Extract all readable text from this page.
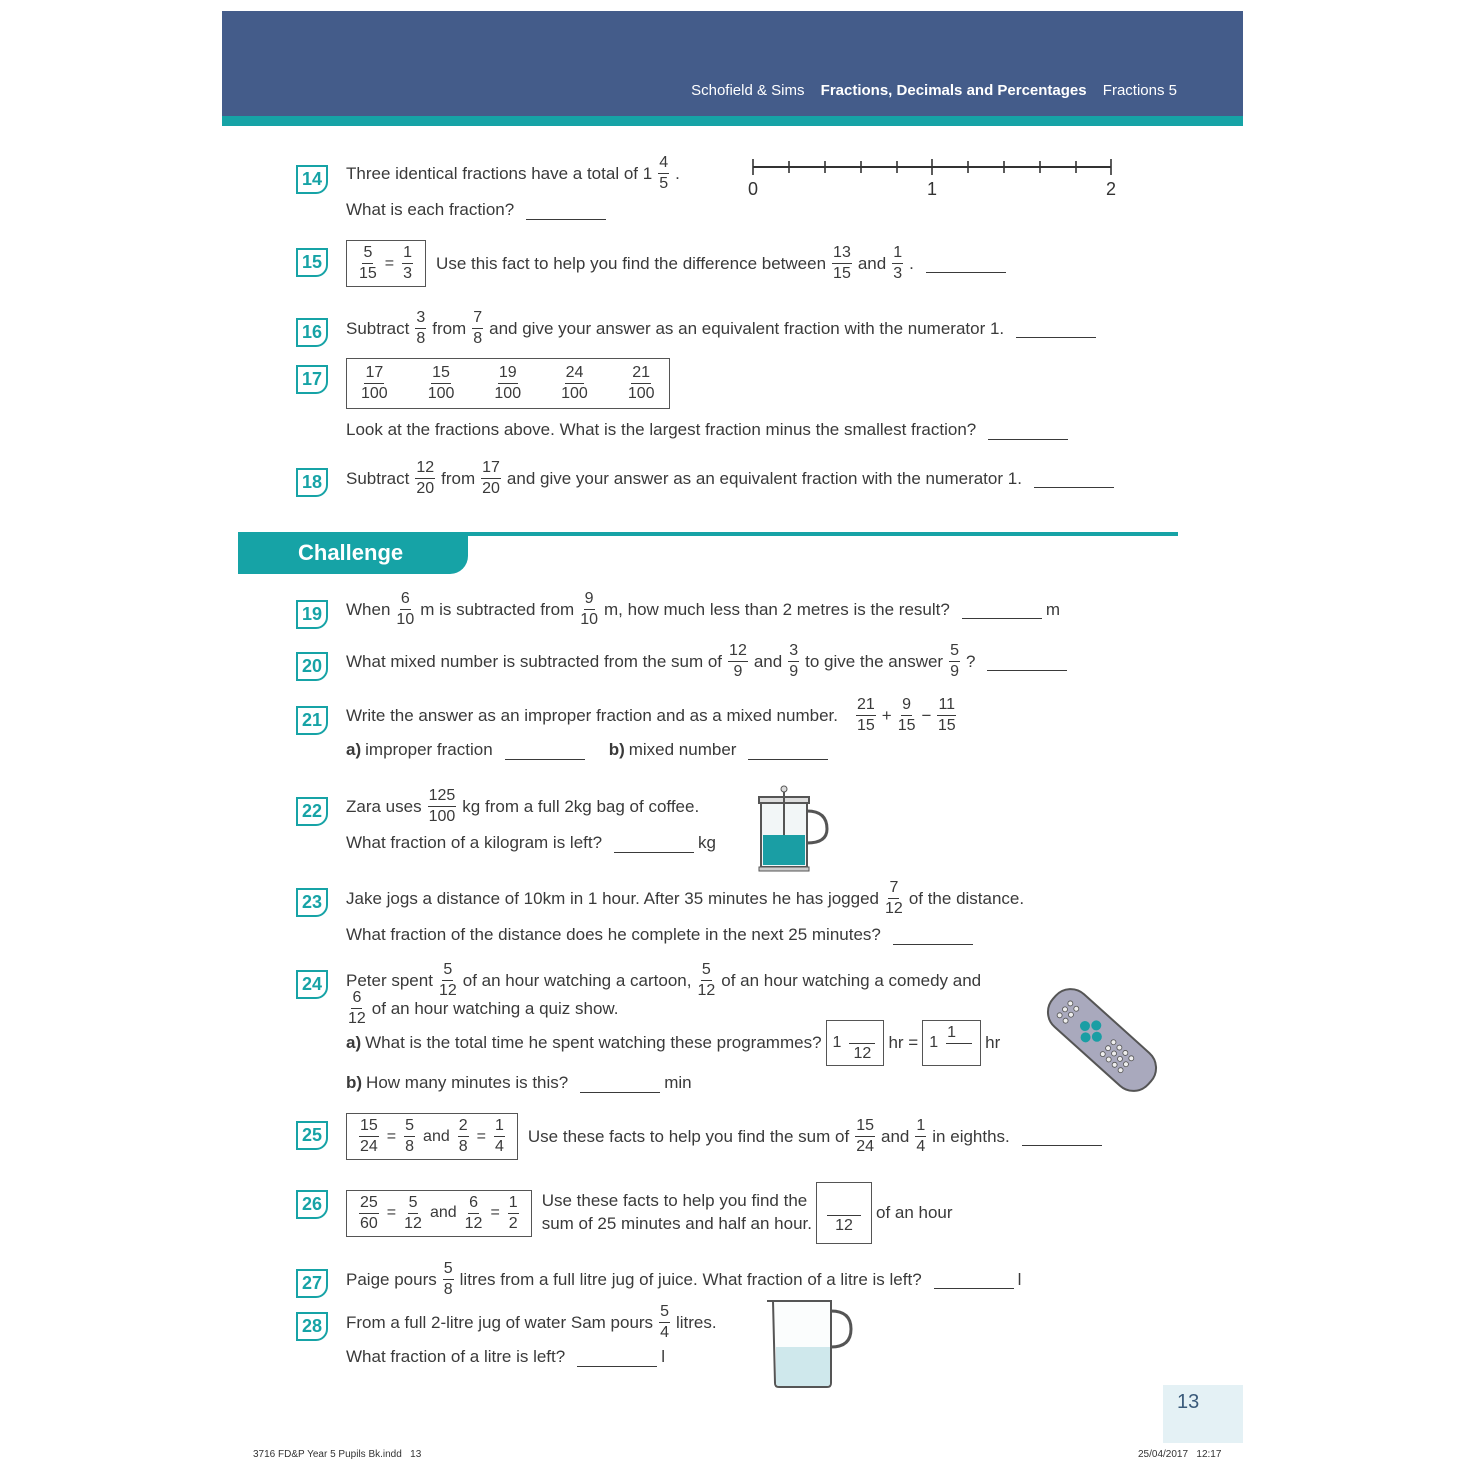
Schofield & Sims Fractions, Decimals and Percentages Fractions 5
14	Three identical fractions have a total of $1 \frac{4}{5}$ .
What is each fraction?
0	1	2
15	$\frac{5}{15} = \frac{1}{3}$ Use this fact to help you find the difference between $\frac{13}{15}$ and $\frac{1}{3}$ .
16	Subtract $\frac{3}{8}$ from $\frac{7}{8}$ and give your answer as an equivalent fraction with the numerator 1.
17	$\frac{17}{100}$	$\frac{15}{100}$	$\frac{19}{100}$	$\frac{24}{100}$	$\frac{21}{100}$
Look at the fractions above. What is the largest fraction minus the smallest fraction?
18	Subtract $\frac{12}{20}$ from $\frac{17}{20}$ and give your answer as an equivalent fraction with the numerator 1.
Challenge
19	When $\frac{6}{10}$ m is subtracted from $\frac{9}{10} m$, how much less than 2 metres is the result?	m
20	What mixed number is subtracted from the sum of $\frac{12}{9}$ and $\frac{3}{9}$ to give the answer $\frac{5}{9}$ ?
21	Write the answer as an improper fraction and as a mixed number. $\frac{21}{15} + \frac{9}{15} - \frac{11}{15}$
a) improper fraction	b) mixed number
22	Zara uses $\frac{125}{100}$ kg from a full 2kg bag of coffee.
What fraction of a kilogram is left?	kg
23	Jake jogs a distance of 10km in 1 hour. After 35 minutes he has jogged $\frac{7}{12}$ of the distance.
What fraction of the distance does he complete in the next 25 minutes?
24	Peter spent $\frac{5}{12}$ of an hour watching a cartoon, $\frac{5}{12}$ of an hour watching a comedy and
$\frac{6}{12}$ of an hour watching a quiz show.
a) What is the total time he spent watching these programmes? 1
12
hr = 1
1
hr
b) How many minutes is this?	min
25	$\frac{15}{24} = \frac{5}{8}$ and $\frac{2}{8} = \frac{1}{4}$ Use these facts to help you find the sum of $\frac{15}{24}$ and $\frac{1}{4}$ in eighths.
26	$\frac{25}{60} = \frac{5}{12}$ and $\frac{6}{12} = \frac{1}{2}$ Use these facts to help you find the
sum of 25 minutes and half an hour. 12
of an hour
27	Paige pours $\frac{5}{8}$ litres from a full litre jug of juice. What fraction of a litre is left?	l
28	From a full 2-litre jug of water Sam pours $\frac{5}{4}$ litres.
What fraction of a litre is left?	l
13
3716 FD&P Year 5 Pupils Bk.indd   13	25/04/2017   12:17
